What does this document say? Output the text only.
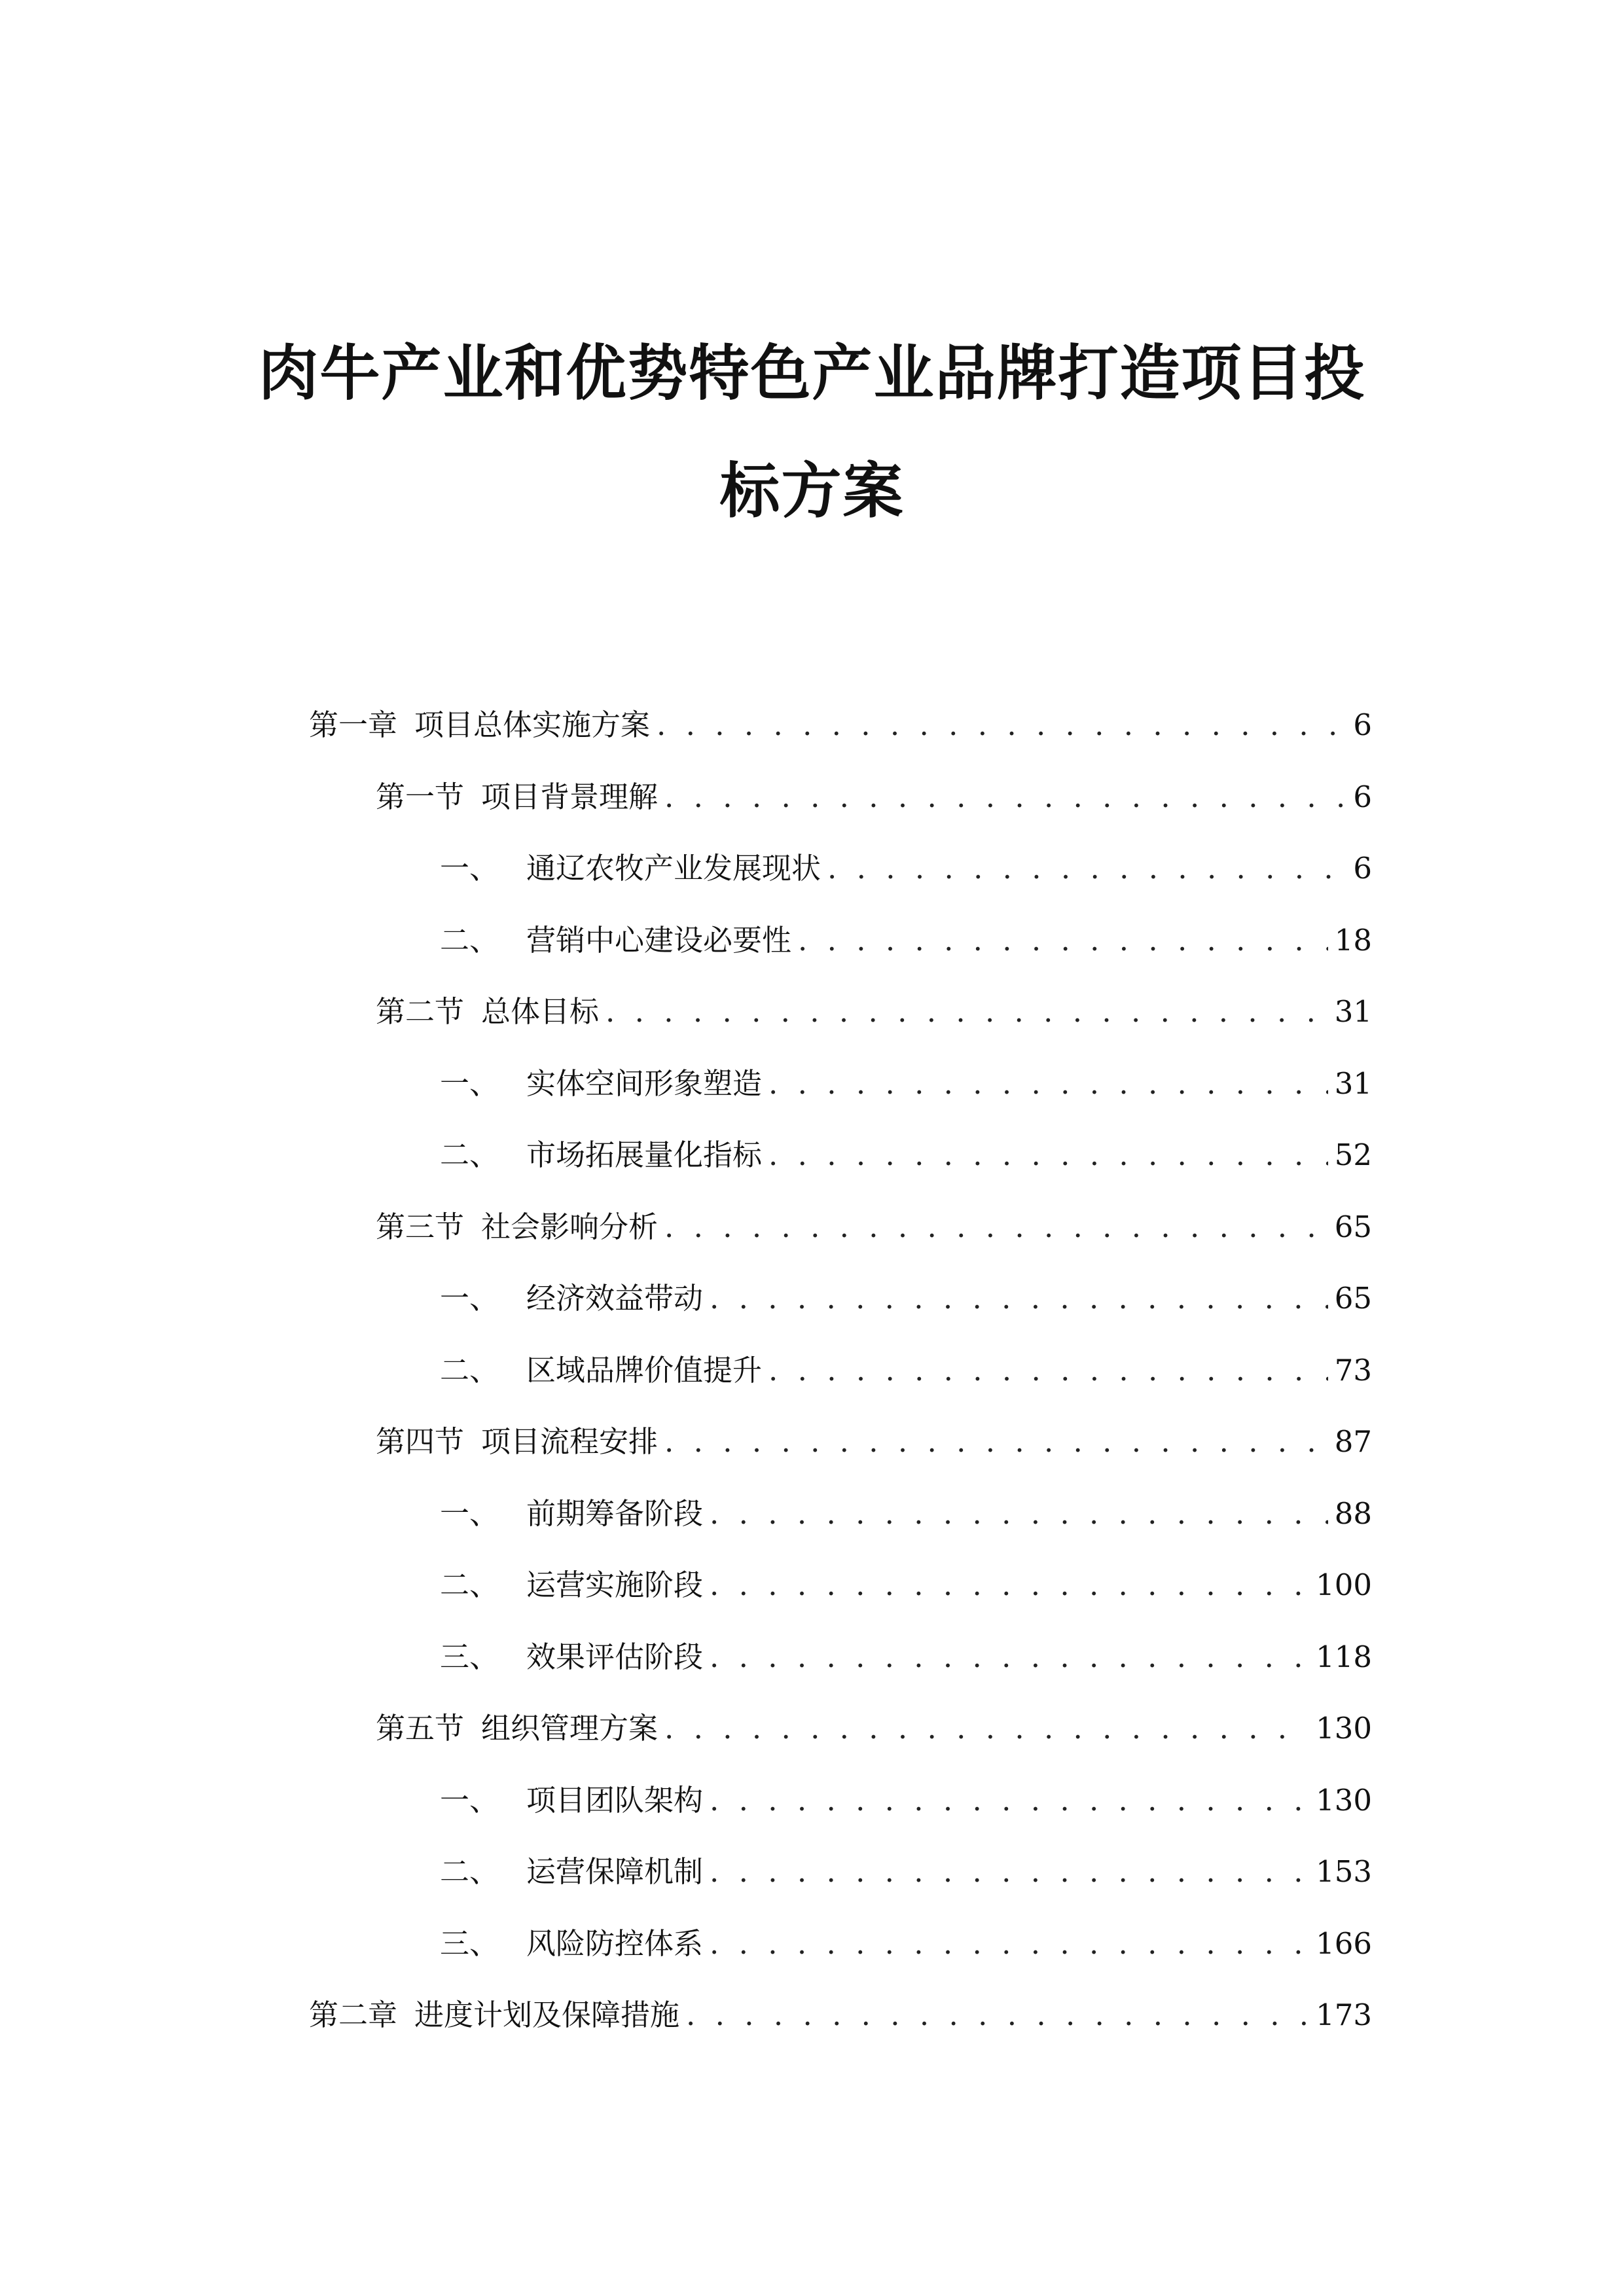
肉牛产业和优势特色产业品牌打造项目投
标方案
第一章 项目总体实施方案 . . .	6
第一节 项目背景理解 . . .	6
一、 通辽农牧产业发展现状 . . .	6
二、 营销中心建设必要性 . . .	18
第二节 总体目标 . . .	31
一、 实体空间形象塑造 . . .	31
二、 市场拓展量化指标 . . .	52
第三节 社会影响分析 . . .	65
一、 经济效益带动 . . .	65
二、 区域品牌价值提升 . . .	73
第四节 项目流程安排 . . .	87
一、 前期筹备阶段 . . .	88
二、 运营实施阶段 . . .	100
三、 效果评估阶段 . . .	118
第五节 组织管理方案 . . .	130
一、 项目团队架构 . . .	130
二、 运营保障机制 . . .	153
三、 风险防控体系 . . .	166
第二章 进度计划及保障措施 . . .	173
